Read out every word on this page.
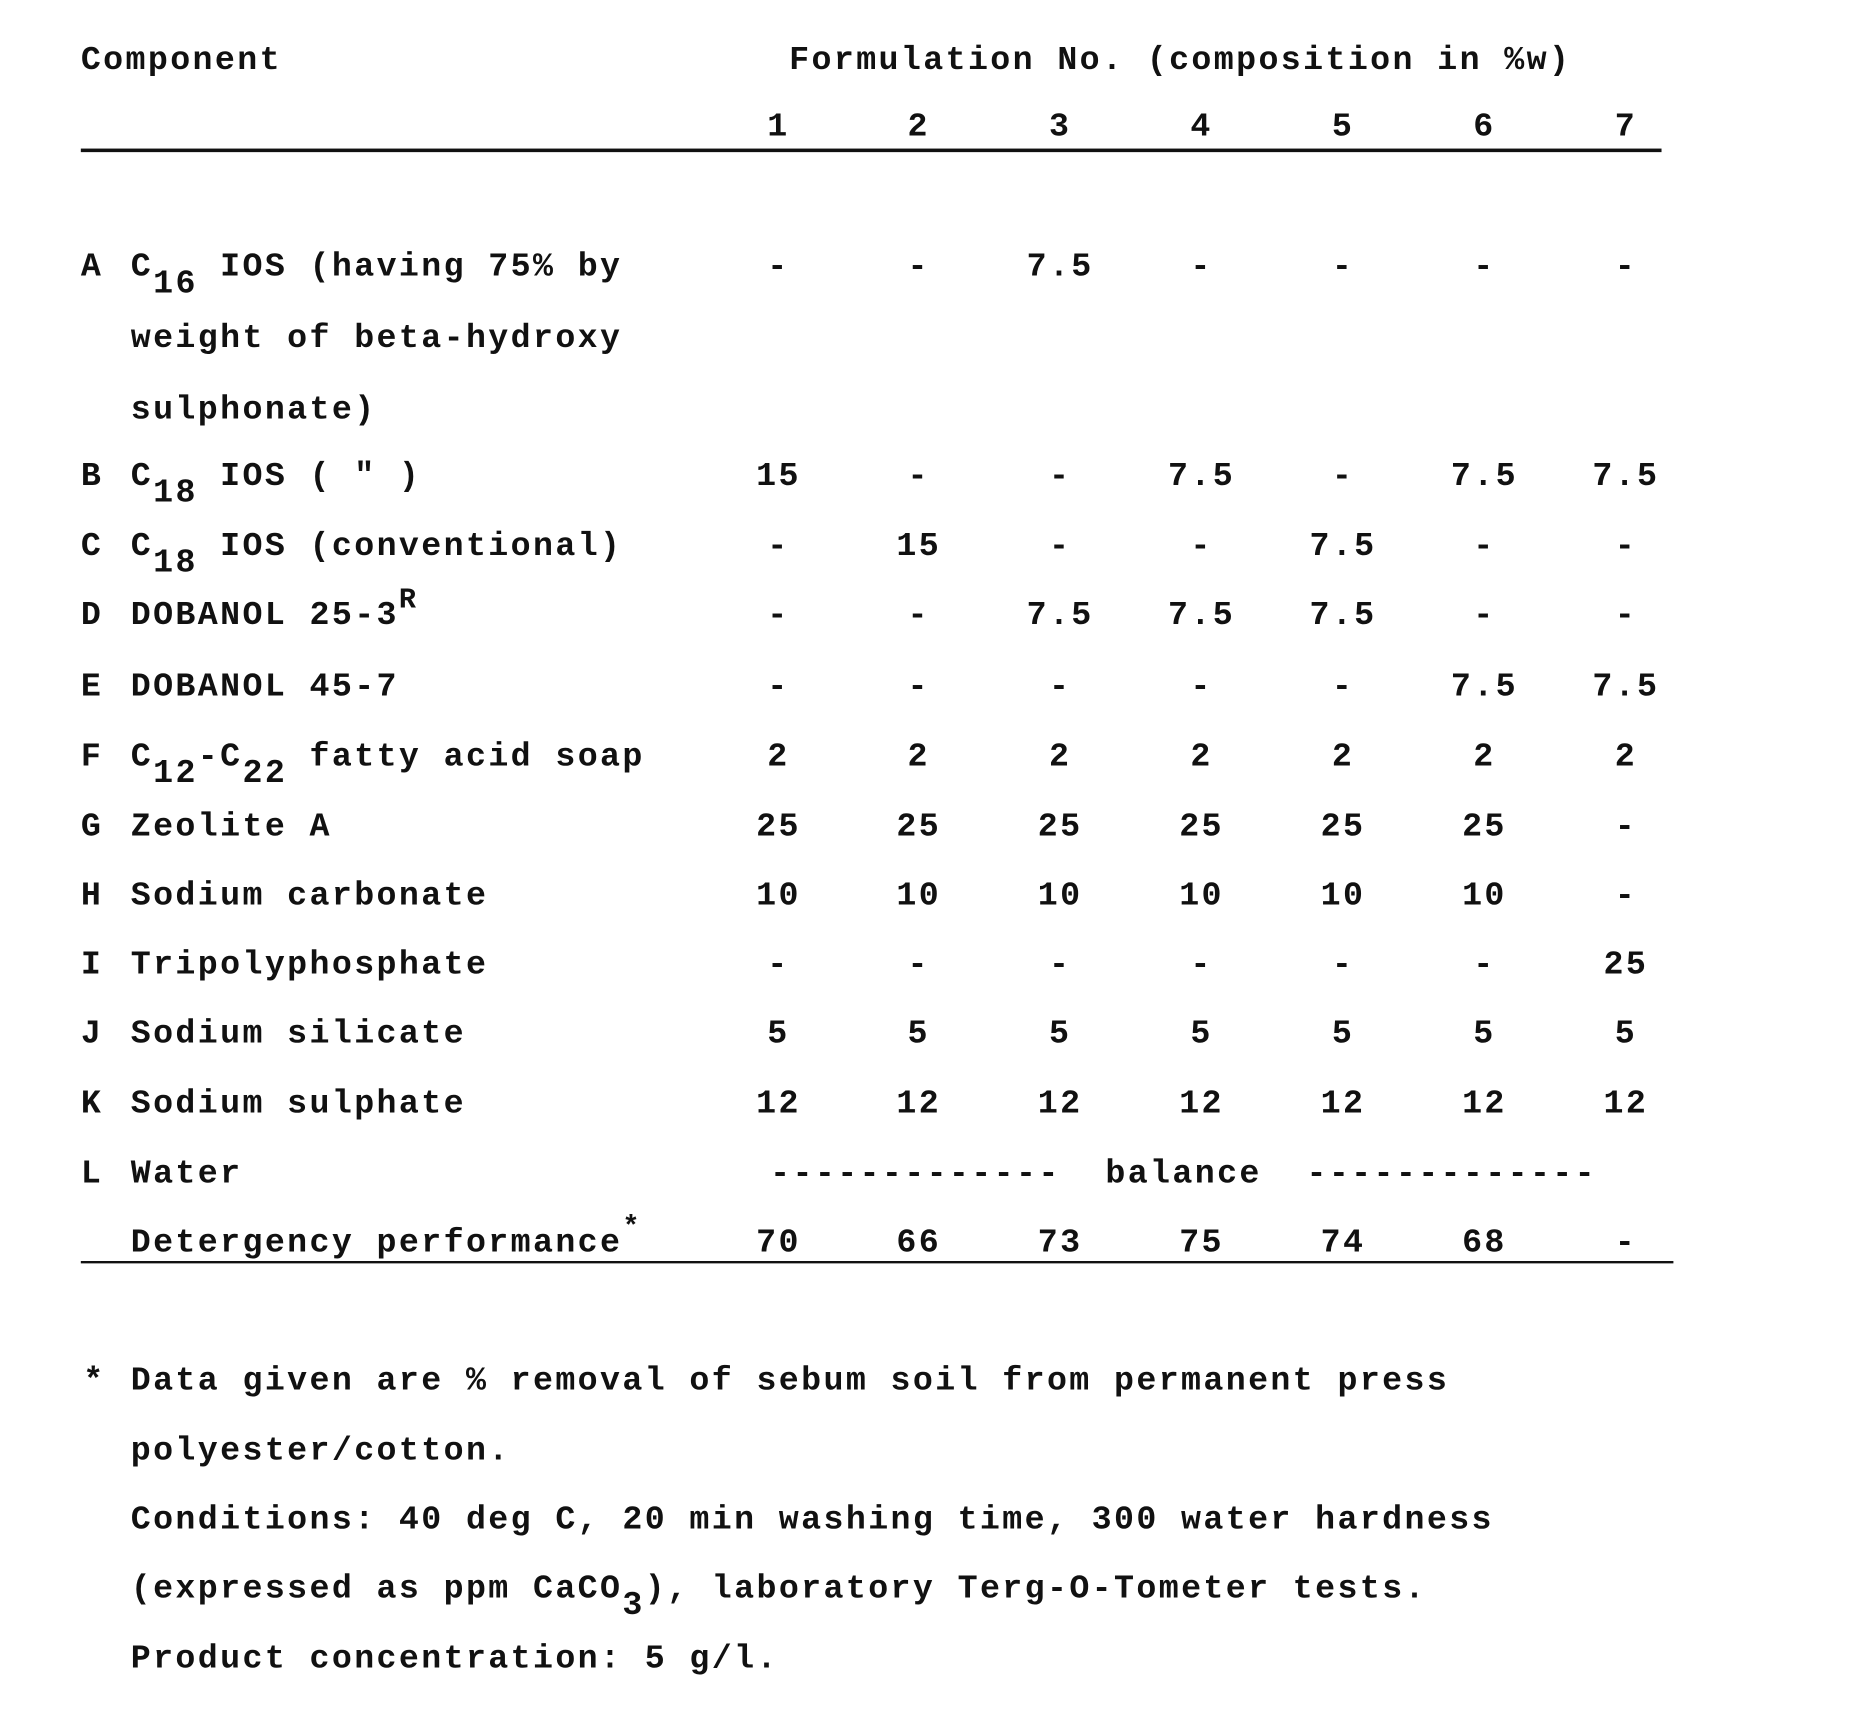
Component	Formulation No. (composition in %w)
1	2	3	4	5	6	7
A C16 IOS (having 75% by
weight of beta-hydroxy
sulphonate)
-	-	7.5	-	-	-	-
B C18 IOS ( " )	15	-	-	7.5	-	7.5	7.5
C C18 IOS (conventional)	-	15	-	-	7.5	-	-
D DOBANOL 25-3R	-	-	7.5	7.5	7.5	-	-
E DOBANOL 45-7	-	-	-	-	-	7.5	7.5
F C12-C22 fatty acid soap	2	2	2	2	2	2	2
G Zeolite A	25	25	25	25	25	25	-
H Sodium carbonate	10	10	10	10	10	10	-
I Tripolyphosphate	-	-	-	-	-	-	25
J Sodium silicate	5	5	5	5	5	5	5
K Sodium sulphate	12	12	12	12	12	12	12
L Water	-------------  balance  -------------
Detergency performance*	70	66	73	75	74	68	-
* Data given are % removal of sebum soil from permanent press
polyester/cotton.
Conditions: 40 deg C, 20 min washing time, 300 water hardness
(expressed as ppm CaCO3), laboratory Terg-O-Tometer tests.
Product concentration: 5 g/l.
